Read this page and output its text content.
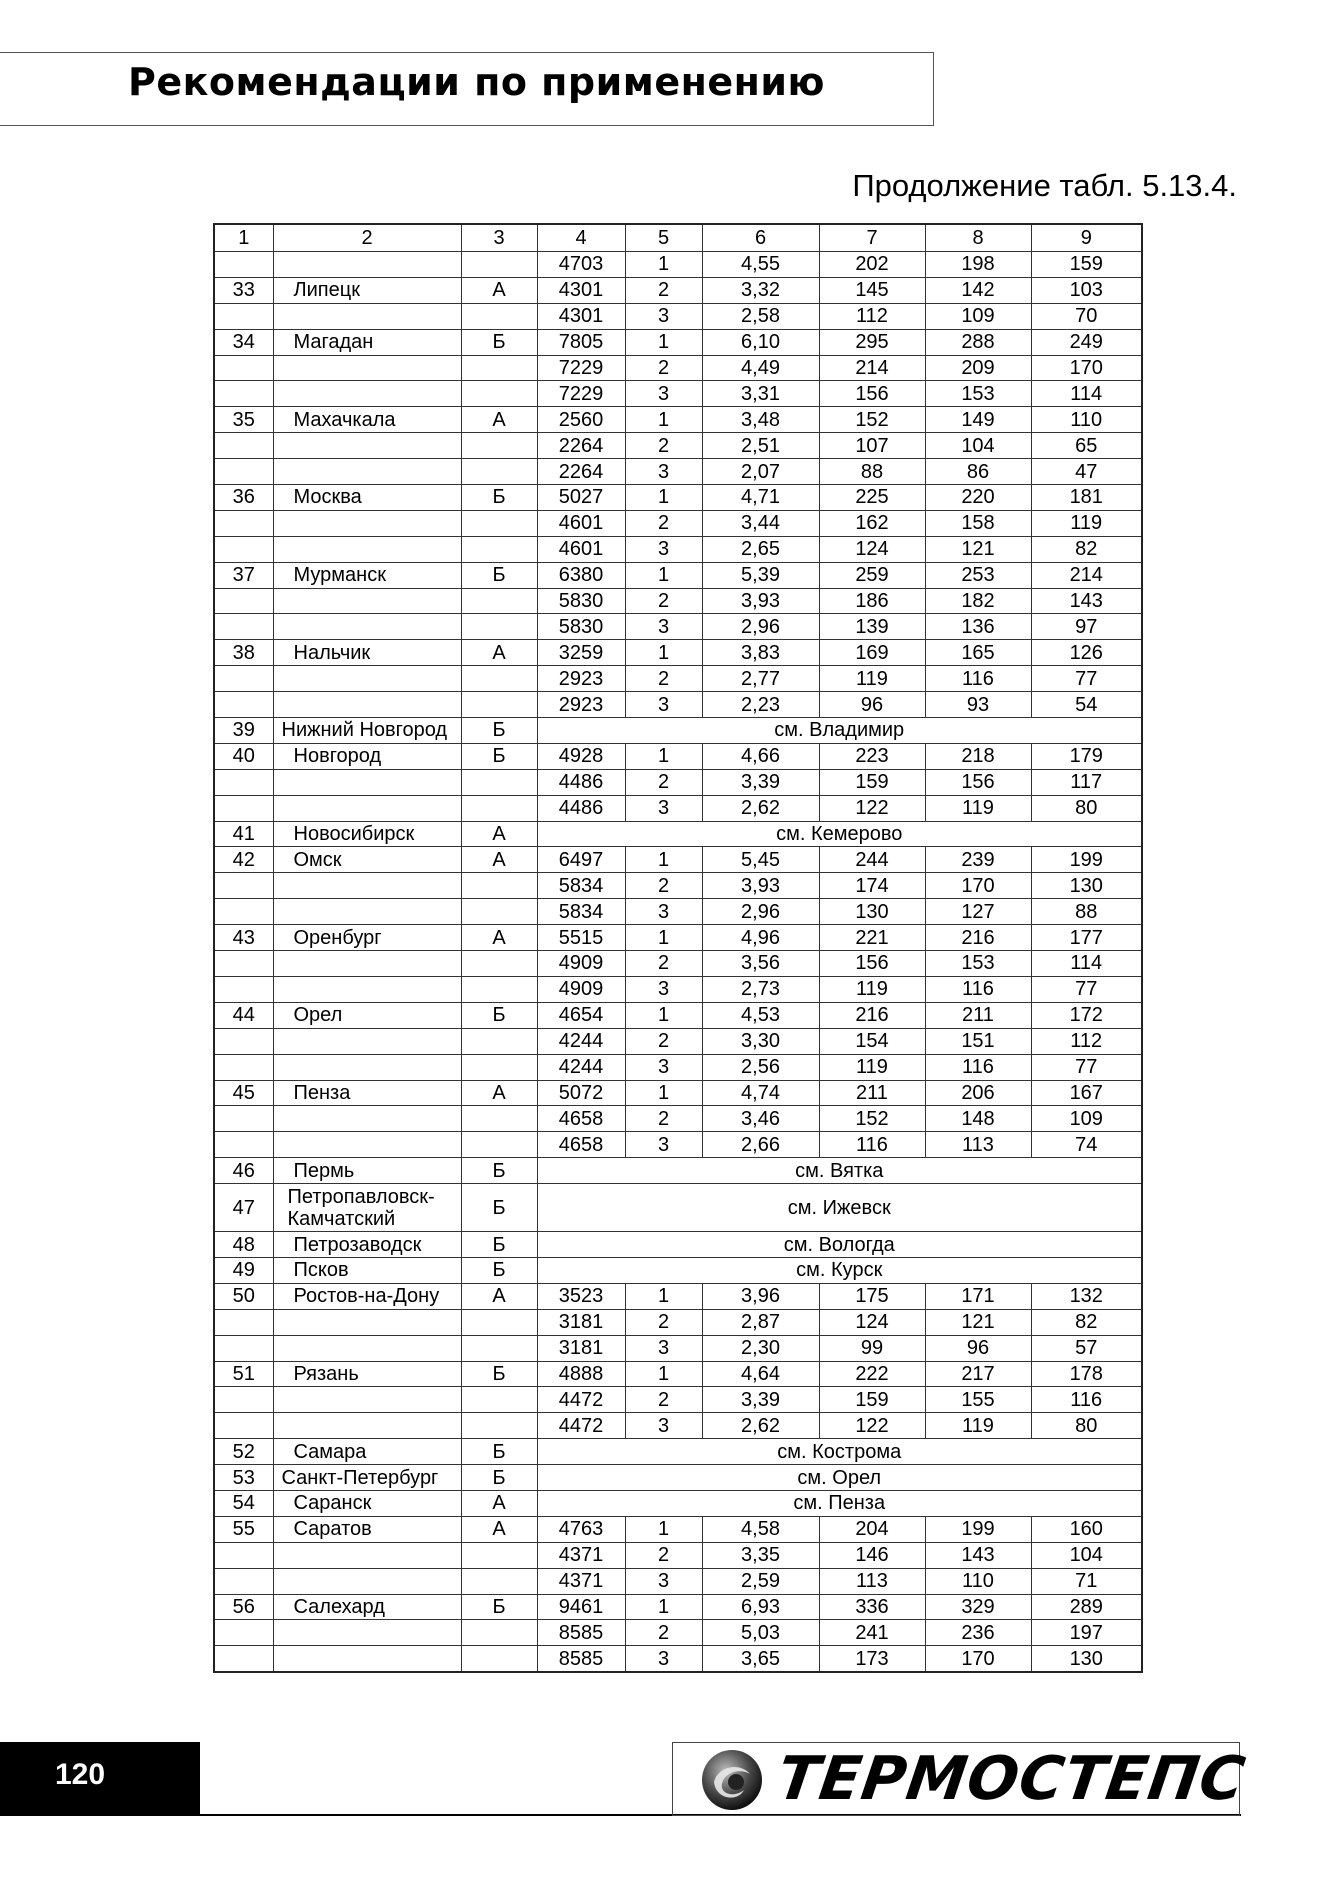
Рекомендации по применению
Продолжение табл. 5.13.4.
1	2	3	4	5	6	7	8	9
			4703	1	4,55	202	198	159
33	Липецк	А	4301	2	3,32	145	142	103
			4301	3	2,58	112	109	70
34	Магадан	Б	7805	1	6,10	295	288	249
			7229	2	4,49	214	209	170
			7229	3	3,31	156	153	114
35	Махачкала	А	2560	1	3,48	152	149	110
			2264	2	2,51	107	104	65
			2264	3	2,07	88	86	47
36	Москва	Б	5027	1	4,71	225	220	181
			4601	2	3,44	162	158	119
			4601	3	2,65	124	121	82
37	Мурманск	Б	6380	1	5,39	259	253	214
			5830	2	3,93	186	182	143
			5830	3	2,96	139	136	97
38	Нальчик	А	3259	1	3,83	169	165	126
			2923	2	2,77	119	116	77
			2923	3	2,23	96	93	54
39	Нижний Новгород	Б	см. Владимир					
40	Новгород	Б	4928	1	4,66	223	218	179
			4486	2	3,39	159	156	117
			4486	3	2,62	122	119	80
41	Новосибирск	А	см. Кемерово					
42	Омск	А	6497	1	5,45	244	239	199
			5834	2	3,93	174	170	130
			5834	3	2,96	130	127	88
43	Оренбург	А	5515	1	4,96	221	216	177
			4909	2	3,56	156	153	114
			4909	3	2,73	119	116	77
44	Орел	Б	4654	1	4,53	216	211	172
			4244	2	3,30	154	151	112
			4244	3	2,56	119	116	77
45	Пенза	А	5072	1	4,74	211	206	167
			4658	2	3,46	152	148	109
			4658	3	2,66	116	113	74
46	Пермь	Б	см. Вятка					
47	Петропавловск-Камчатский	Б	см. Ижевск					
48	Петрозаводск	Б	см. Вологда					
49	Псков	Б	см. Курск					
50	Ростов-на-Дону	А	3523	1	3,96	175	171	132
			3181	2	2,87	124	121	82
			3181	3	2,30	99	96	57
51	Рязань	Б	4888	1	4,64	222	217	178
			4472	2	3,39	159	155	116
			4472	3	2,62	122	119	80
52	Самара	Б	см. Кострома					
53	Санкт-Петербург	Б	см. Орел					
54	Саранск	А	см. Пенза					
55	Саратов	А	4763	1	4,58	204	199	160
			4371	2	3,35	146	143	104
			4371	3	2,59	113	110	71
56	Салехард	Б	9461	1	6,93	336	329	289
			8585	2	5,03	241	236	197
			8585	3	3,65	173	170	130
120	ТЕРМОСТЕПС
